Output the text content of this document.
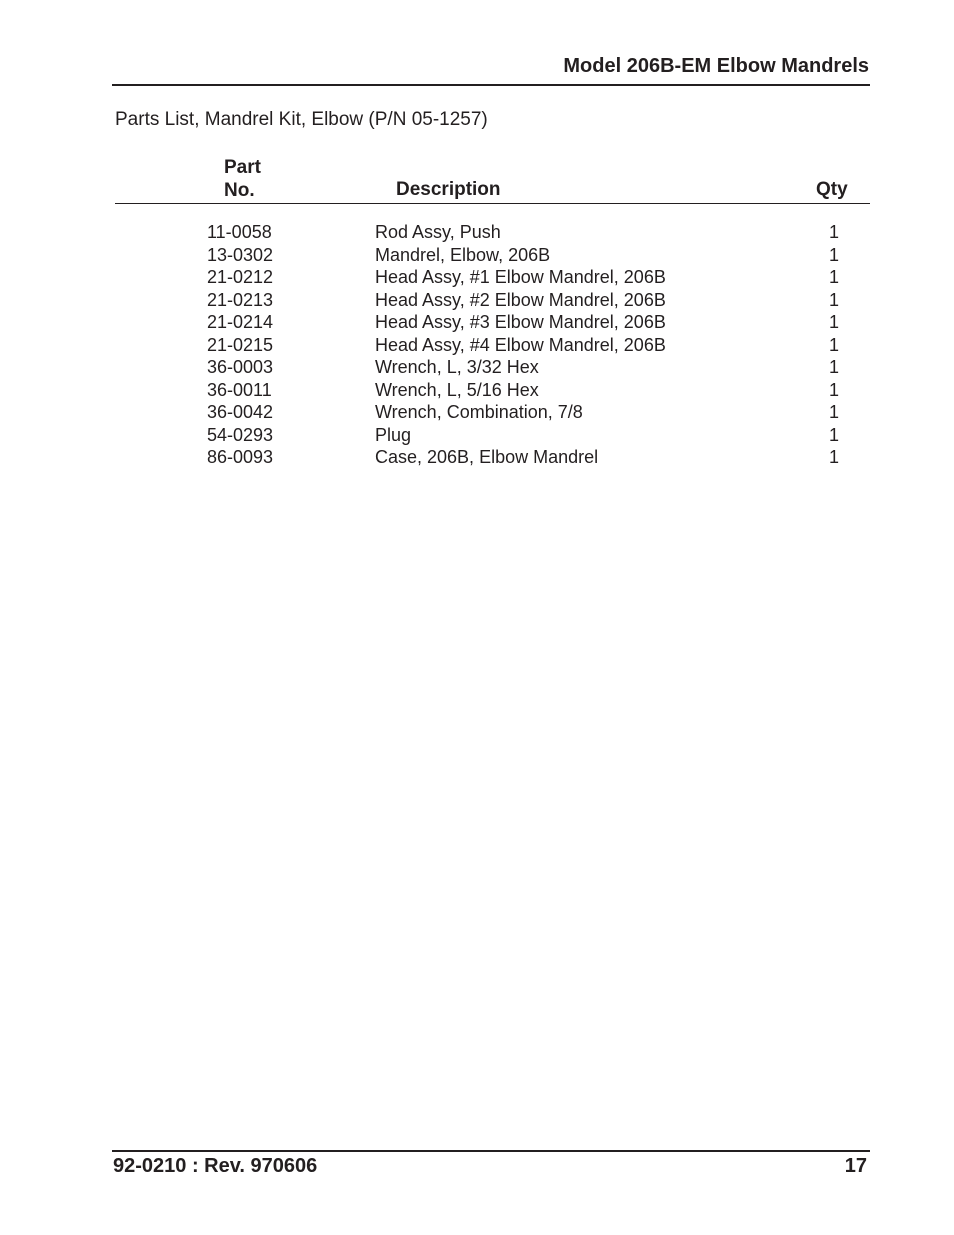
Model 206B-EM Elbow Mandrels
Parts List, Mandrel Kit, Elbow (P/N 05-1257)
Part
No.	Description	Qty
11-0058	Rod Assy, Push	1
13-0302	Mandrel, Elbow, 206B	1
21-0212	Head Assy, #1 Elbow Mandrel, 206B	1
21-0213	Head Assy, #2 Elbow Mandrel, 206B	1
21-0214	Head Assy, #3 Elbow Mandrel, 206B	1
21-0215	Head Assy, #4 Elbow Mandrel, 206B	1
36-0003	Wrench, L, 3/32 Hex	1
36-0011	Wrench, L, 5/16 Hex	1
36-0042	Wrench, Combination, 7/8	1
54-0293	Plug	1
86-0093	Case, 206B, Elbow Mandrel	1
92-0210 : Rev. 970606	17
